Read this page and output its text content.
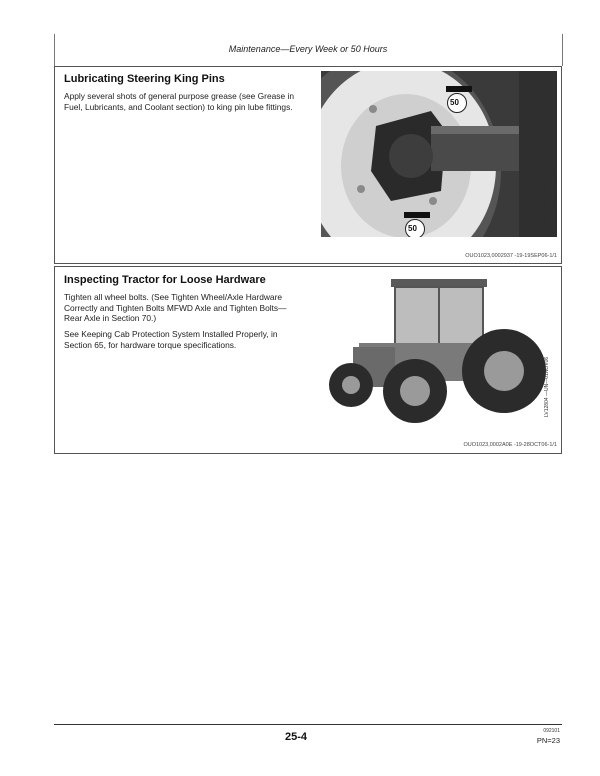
Maintenance—Every Week or 50 Hours
Lubricating Steering King Pins
Apply several shots of general purpose grease (see Grease in Fuel, Lubricants, and Coolant section) to king pin lube fittings.	50
50	LV9627 —UN—11AUG04
OUO1023,0002937 -19-19SEP06-1/1
Inspecting Tractor for Loose Hardware
Tighten all wheel bolts. (See Tighten Wheel/Axle Hardware Correctly and Tighten Bolts MFWD Axle and Tighten Bolts—Rear Axle in Section 70.)
See Keeping Cab Protection System Installed Properly, in Section 65, for hardware torque specifications.
LV12804 —UN—01NOV06
OUO1023,0002A0E -19-28OCT06-1/1
25-4	092101
PN=23
